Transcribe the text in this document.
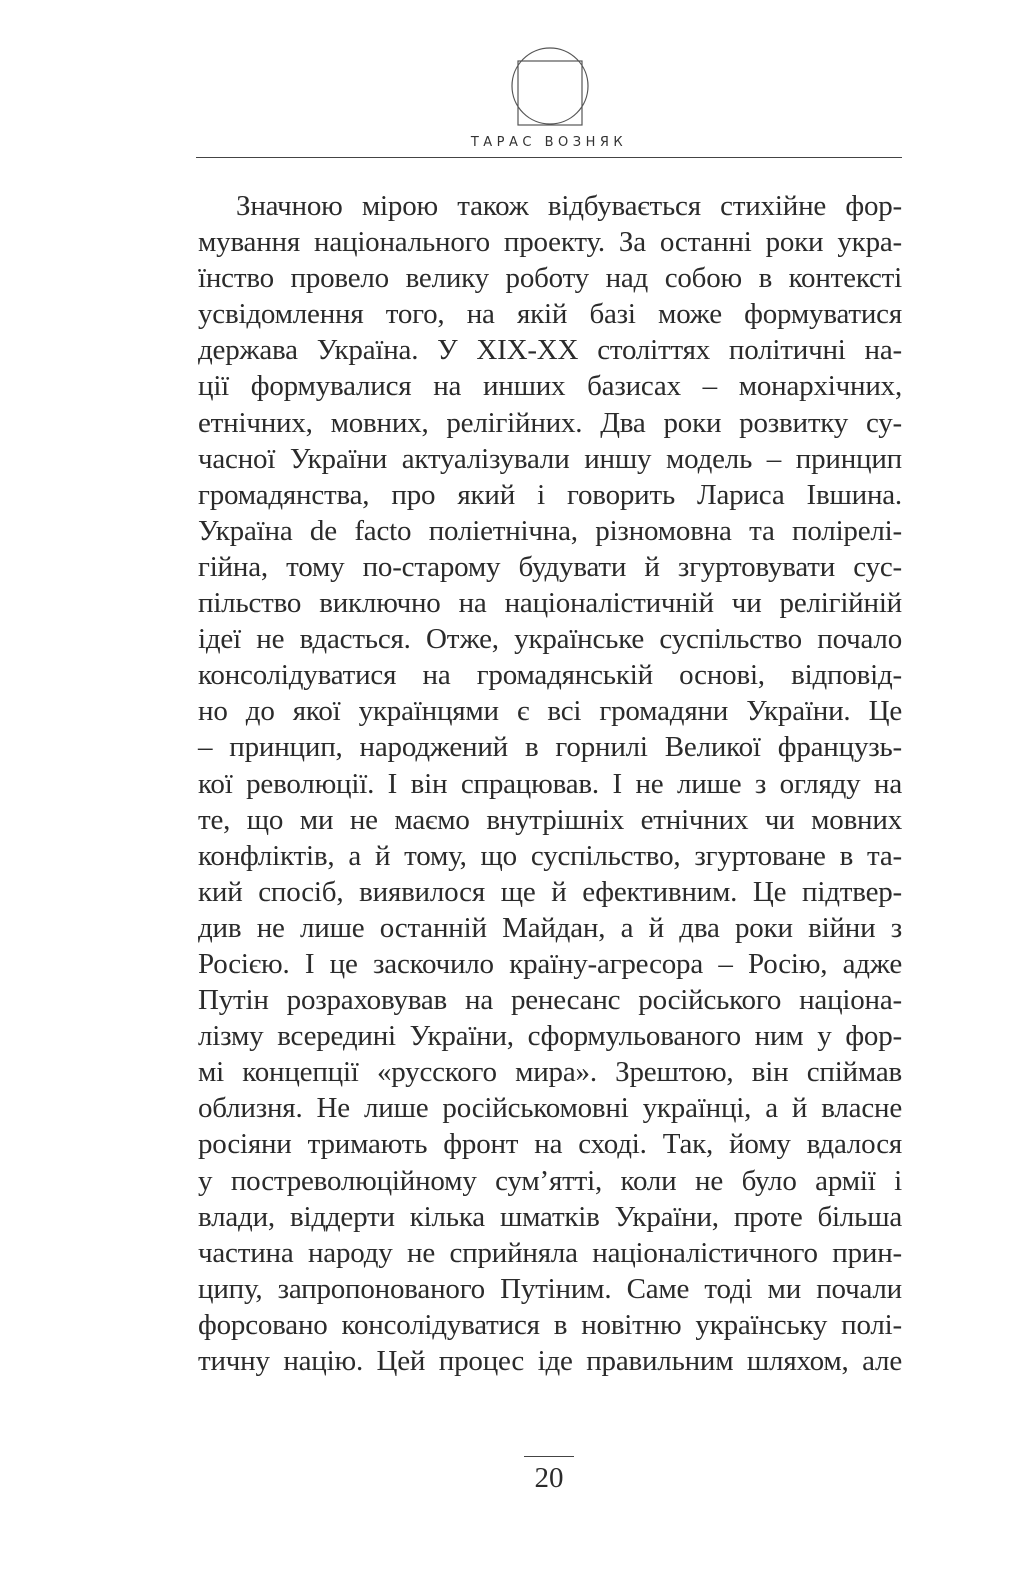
ТАРАС ВОЗНЯК
Значною мірою також відбувається стихійне фор-
мування національного проекту. За останні роки укра-
їнство провело велику роботу над собою в контексті
усвідомлення того, на якій базі може формуватися
держава Україна. У XIX-XX століттях політичні на-
ції формувалися на инших базисах – монархічних,
етнічних, мовних, релігійних. Два роки розвитку су-
часної України актуалізували иншу модель – принцип
громадянства, про який і говорить Лариса Івшина.
Україна de facto поліетнічна, різномовна та полірелі-
гійна, тому по-старому будувати й згуртовувати сус-
пільство виключно на націоналістичній чи релігійній
ідеї не вдасться. Отже, українське суспільство почало
консолідуватися на громадянській основі, відповід-
но до якої українцями є всі громадяни України. Це
– принцип, народжений в горнилі Великої французь-
кої революції. І він спрацював. І не лише з огляду на
те, що ми не маємо внутрішніх етнічних чи мовних
конфліктів, а й тому, що суспільство, згуртоване в та-
кий спосіб, виявилося ще й ефективним. Це підтвер-
див не лише останній Майдан, а й два роки війни з
Росією. І це заскочило країну-агресора – Росію, адже
Путін розраховував на ренесанс російського націона-
лізму всередині України, сформульованого ним у фор-
мі концепції «русского мира». Зрештою, він спіймав
облизня. Не лише російськомовні українці, а й власне
росіяни тримають фронт на сході. Так, йому вдалося
у постреволюційному сум’ятті, коли не було армії і
влади, віддерти кілька шматків України, проте більша
частина народу не сприйняла націоналістичного прин-
ципу, запропонованого Путіним. Саме тоді ми почали
форсовано консолідуватися в новітню українську полі-
тичну націю. Цей процес іде правильним шляхом, але
20
